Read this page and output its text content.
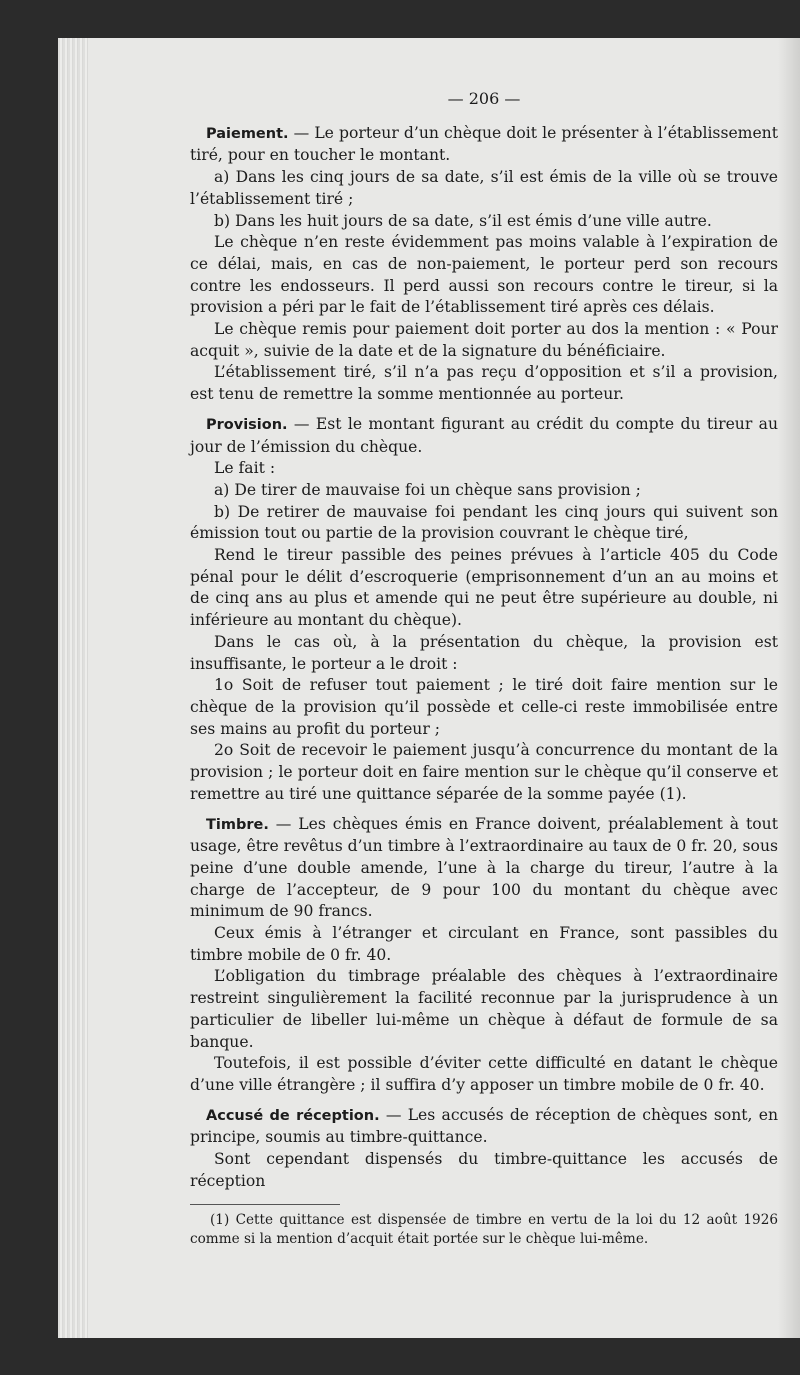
— 206 —

Paiement. — Le porteur d’un chèque doit le présenter à l’établissement tiré, pour en toucher le montant.

a) Dans les cinq jours de sa date, s’il est émis de la ville où se trouve l’établissement tiré ;

b) Dans les huit jours de sa date, s’il est émis d’une ville autre.

Le chèque n’en reste évidemment pas moins valable à l’expiration de ce délai, mais, en cas de non-paiement, le porteur perd son recours contre les endosseurs. Il perd aussi son recours contre le tireur, si la provision a péri par le fait de l’établissement tiré après ces délais.

Le chèque remis pour paiement doit porter au dos la mention : « Pour acquit », suivie de la date et de la signature du bénéficiaire.

L’établissement tiré, s’il n’a pas reçu d’opposition et s’il a provision, est tenu de remettre la somme mentionnée au porteur.

Provision. — Est le montant figurant au crédit du compte du tireur au jour de l’émission du chèque.

Le fait :

a) De tirer de mauvaise foi un chèque sans provision ;

b) De retirer de mauvaise foi pendant les cinq jours qui suivent son émission tout ou partie de la provision couvrant le chèque tiré,

Rend le tireur passible des peines prévues à l’article 405 du Code pénal pour le délit d’escroquerie (emprisonnement d’un an au moins et de cinq ans au plus et amende qui ne peut être supérieure au double, ni inférieure au montant du chèque).

Dans le cas où, à la présentation du chèque, la provision est insuffisante, le porteur a le droit :

1o Soit de refuser tout paiement ; le tiré doit faire mention sur le chèque de la provision qu’il possède et celle-ci reste immobilisée entre ses mains au profit du porteur ;

2o Soit de recevoir le paiement jusqu’à concurrence du montant de la provision ; le porteur doit en faire mention sur le chèque qu’il conserve et remettre au tiré une quittance séparée de la somme payée (1).

Timbre. — Les chèques émis en France doivent, préalablement à tout usage, être revêtus d’un timbre à l’extraordinaire au taux de 0 fr. 20, sous peine d’une double amende, l’une à la charge du tireur, l’autre à la charge de l’accepteur, de 9 pour 100 du montant du chèque avec minimum de 90 francs.

Ceux émis à l’étranger et circulant en France, sont passibles du timbre mobile de 0 fr. 40.

L’obligation du timbrage préalable des chèques à l’extraordinaire restreint singulièrement la facilité reconnue par la jurisprudence à un particulier de libeller lui-même un chèque à défaut de formule de sa banque.

Toutefois, il est possible d’éviter cette difficulté en datant le chèque d’une ville étrangère ; il suffira d’y apposer un timbre mobile de 0 fr. 40.

Accusé de réception. — Les accusés de réception de chèques sont, en principe, soumis au timbre-quittance.

Sont cependant dispensés du timbre-quittance les accusés de réception

(1) Cette quittance est dispensée de timbre en vertu de la loi du 12 août 1926 comme si la mention d’acquit était portée sur le chèque lui-même.
